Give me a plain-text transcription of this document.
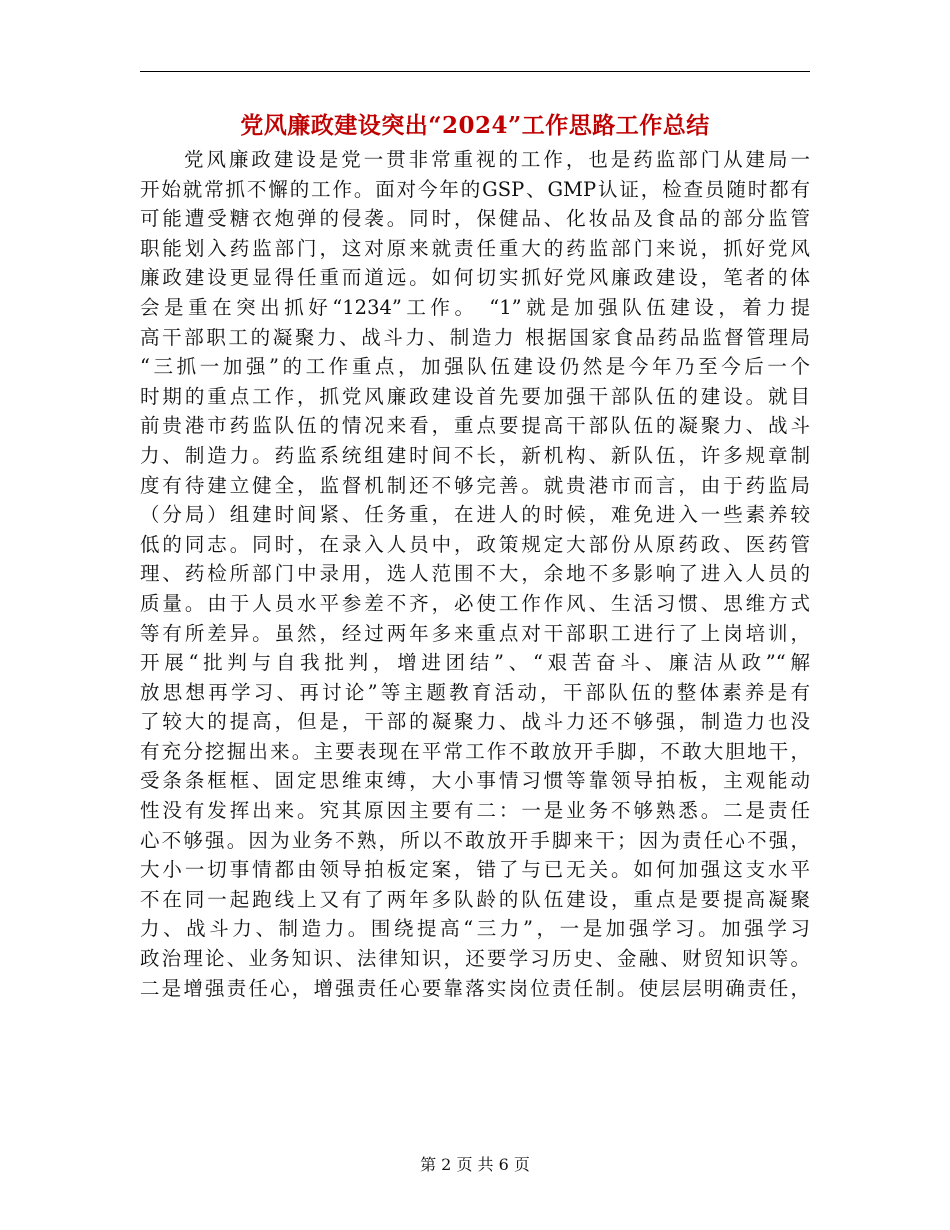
党风廉政建设突出“2024”工作思路工作总结
党风廉政建设是党一贯非常重视的工作，也是药监部门从建局一
开始就常抓不懈的工作。面对今年的GSP、GMP认证，检查员随时都有
可能遭受糖衣炮弹的侵袭。同时，保健品、化妆品及食品的部分监管
职能划入药监部门，这对原来就责任重大的药监部门来说，抓好党风
廉政建设更显得任重而道远。如何切实抓好党风廉政建设，笔者的体
会是重在突出抓好“1234”工作。 “1”就是加强队伍建设，着力提
高干部职工的凝聚力、战斗力、制造力 根据国家食品药品监督管理局
“三抓一加强”的工作重点，加强队伍建设仍然是今年乃至今后一个
时期的重点工作，抓党风廉政建设首先要加强干部队伍的建设。就目
前贵港市药监队伍的情况来看，重点要提高干部队伍的凝聚力、战斗
力、制造力。药监系统组建时间不长，新机构、新队伍，许多规章制
度有待建立健全，监督机制还不够完善。就贵港市而言，由于药监局
（分局）组建时间紧、任务重，在进人的时候，难免进入一些素养较
低的同志。同时，在录入人员中，政策规定大部份从原药政、医药管
理、药检所部门中录用，选人范围不大，余地不多影响了进入人员的
质量。由于人员水平参差不齐，必使工作作风、生活习惯、思维方式
等有所差异。虽然，经过两年多来重点对干部职工进行了上岗培训，
开展“批判与自我批判，增进团结”、“艰苦奋斗、廉洁从政”“解
放思想再学习、再讨论”等主题教育活动，干部队伍的整体素养是有
了较大的提高，但是，干部的凝聚力、战斗力还不够强，制造力也没
有充分挖掘出来。主要表现在平常工作不敢放开手脚，不敢大胆地干，
受条条框框、固定思维束缚，大小事情习惯等靠领导拍板，主观能动
性没有发挥出来。究其原因主要有二：一是业务不够熟悉。二是责任
心不够强。因为业务不熟，所以不敢放开手脚来干；因为责任心不强，
大小一切事情都由领导拍板定案，错了与已无关。如何加强这支水平
不在同一起跑线上又有了两年多队龄的队伍建设，重点是要提高凝聚
力、战斗力、制造力。围绕提高“三力”，一是加强学习。加强学习
政治理论、业务知识、法律知识，还要学习历史、金融、财贸知识等。
二是增强责任心，增强责任心要靠落实岗位责任制。使层层明确责任，
第 2 页 共 6 页
